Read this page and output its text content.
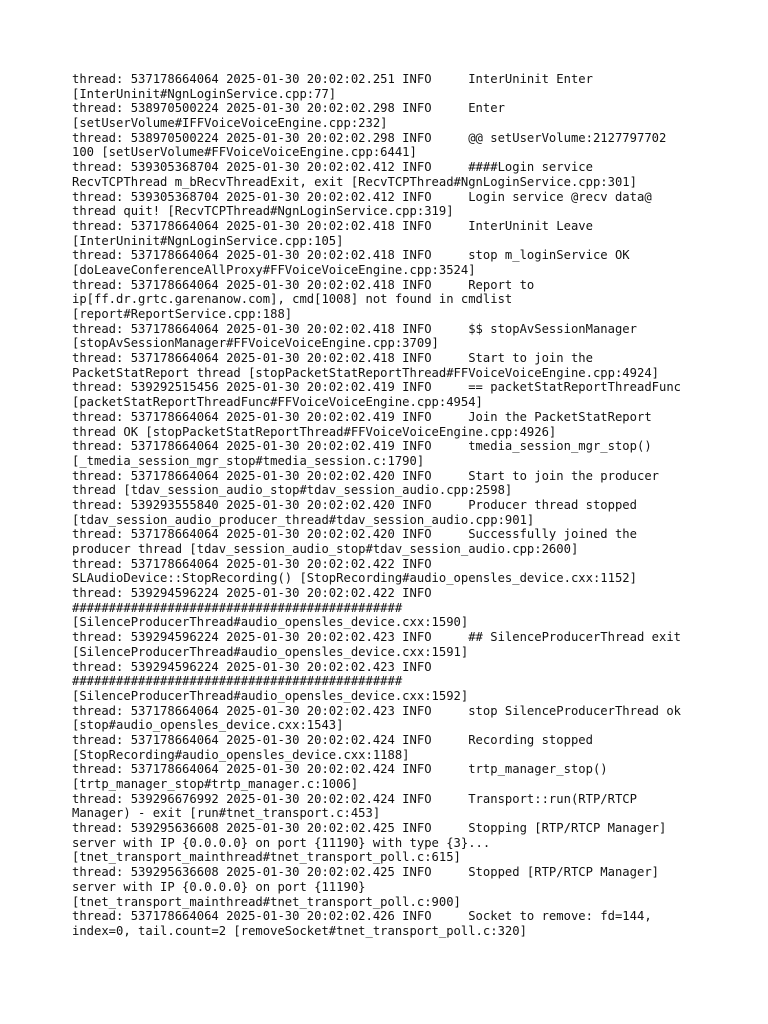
thread: 537178664064 2025-01-30 20:02:02.251 INFO     InterUninit Enter
[InterUninit#NgnLoginService.cpp:77]
thread: 538970500224 2025-01-30 20:02:02.298 INFO     Enter
[setUserVolume#IFFVoiceVoiceEngine.cpp:232]
thread: 538970500224 2025-01-30 20:02:02.298 INFO     @@ setUserVolume:2127797702
100 [setUserVolume#FFVoiceVoiceEngine.cpp:6441]
thread: 539305368704 2025-01-30 20:02:02.412 INFO     ####Login service
RecvTCPThread m_bRecvThreadExit, exit [RecvTCPThread#NgnLoginService.cpp:301]
thread: 539305368704 2025-01-30 20:02:02.412 INFO     Login service @recv data@
thread quit! [RecvTCPThread#NgnLoginService.cpp:319]
thread: 537178664064 2025-01-30 20:02:02.418 INFO     InterUninit Leave
[InterUninit#NgnLoginService.cpp:105]
thread: 537178664064 2025-01-30 20:02:02.418 INFO     stop m_loginService OK
[doLeaveConferenceAllProxy#FFVoiceVoiceEngine.cpp:3524]
thread: 537178664064 2025-01-30 20:02:02.418 INFO     Report to
ip[ff.dr.grtc.garenanow.com], cmd[1008] not found in cmdlist
[report#ReportService.cpp:188]
thread: 537178664064 2025-01-30 20:02:02.418 INFO     $$ stopAvSessionManager
[stopAvSessionManager#FFVoiceVoiceEngine.cpp:3709]
thread: 537178664064 2025-01-30 20:02:02.418 INFO     Start to join the
PacketStatReport thread [stopPacketStatReportThread#FFVoiceVoiceEngine.cpp:4924]
thread: 539292515456 2025-01-30 20:02:02.419 INFO     == packetStatReportThreadFunc
[packetStatReportThreadFunc#FFVoiceVoiceEngine.cpp:4954]
thread: 537178664064 2025-01-30 20:02:02.419 INFO     Join the PacketStatReport
thread OK [stopPacketStatReportThread#FFVoiceVoiceEngine.cpp:4926]
thread: 537178664064 2025-01-30 20:02:02.419 INFO     tmedia_session_mgr_stop()
[_tmedia_session_mgr_stop#tmedia_session.c:1790]
thread: 537178664064 2025-01-30 20:02:02.420 INFO     Start to join the producer
thread [tdav_session_audio_stop#tdav_session_audio.cpp:2598]
thread: 539293555840 2025-01-30 20:02:02.420 INFO     Producer thread stopped
[tdav_session_audio_producer_thread#tdav_session_audio.cpp:901]
thread: 537178664064 2025-01-30 20:02:02.420 INFO     Successfully joined the
producer thread [tdav_session_audio_stop#tdav_session_audio.cpp:2600]
thread: 537178664064 2025-01-30 20:02:02.422 INFO
SLAudioDevice::StopRecording() [StopRecording#audio_opensles_device.cxx:1152]
thread: 539294596224 2025-01-30 20:02:02.422 INFO
#############################################
[SilenceProducerThread#audio_opensles_device.cxx:1590]
thread: 539294596224 2025-01-30 20:02:02.423 INFO     ## SilenceProducerThread exit
[SilenceProducerThread#audio_opensles_device.cxx:1591]
thread: 539294596224 2025-01-30 20:02:02.423 INFO
#############################################
[SilenceProducerThread#audio_opensles_device.cxx:1592]
thread: 537178664064 2025-01-30 20:02:02.423 INFO     stop SilenceProducerThread ok
[stop#audio_opensles_device.cxx:1543]
thread: 537178664064 2025-01-30 20:02:02.424 INFO     Recording stopped
[StopRecording#audio_opensles_device.cxx:1188]
thread: 537178664064 2025-01-30 20:02:02.424 INFO     trtp_manager_stop()
[trtp_manager_stop#trtp_manager.c:1006]
thread: 539296676992 2025-01-30 20:02:02.424 INFO     Transport::run(RTP/RTCP
Manager) - exit [run#tnet_transport.c:453]
thread: 539295636608 2025-01-30 20:02:02.425 INFO     Stopping [RTP/RTCP Manager]
server with IP {0.0.0.0} on port {11190} with type {3}...
[tnet_transport_mainthread#tnet_transport_poll.c:615]
thread: 539295636608 2025-01-30 20:02:02.425 INFO     Stopped [RTP/RTCP Manager]
server with IP {0.0.0.0} on port {11190}
[tnet_transport_mainthread#tnet_transport_poll.c:900]
thread: 537178664064 2025-01-30 20:02:02.426 INFO     Socket to remove: fd=144,
index=0, tail.count=2 [removeSocket#tnet_transport_poll.c:320]
